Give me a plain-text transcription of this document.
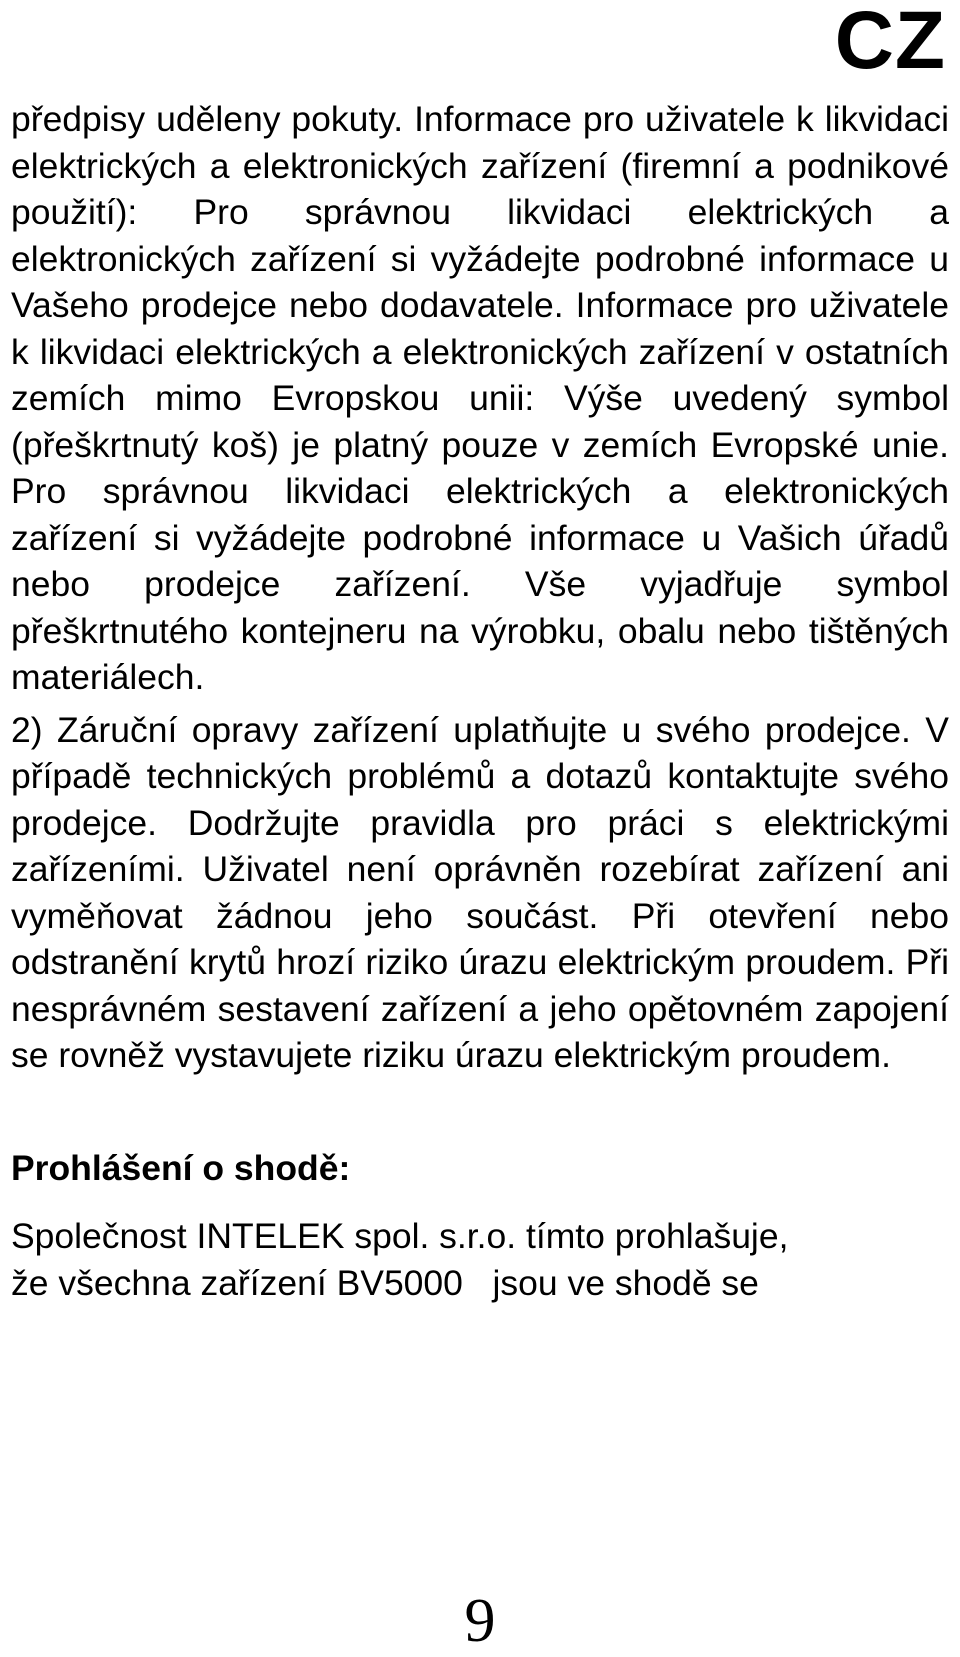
CZ

předpisy uděleny pokuty. Informace pro uživatele k likvidaci elektrických a elektronických zařízení (firemní a podnikové použití): Pro správnou likvidaci elektrických a elektronických zařízení si vyžádejte podrobné informace u Vašeho prodejce nebo dodavatele. Informace pro uživatele k likvidaci elektrických a elektronických zařízení v ostatních zemích mimo Evropskou unii: Výše uvedený symbol (přeškrtnutý koš) je platný pouze v zemích Evropské unie. Pro správnou likvidaci elektrických a elektronických zařízení si vyžádejte podrobné informace u Vašich úřadů nebo prodejce zařízení. Vše vyjadřuje symbol přeškrtnutého kontejneru na výrobku, obalu nebo tištěných materiálech.

2) Záruční opravy zařízení uplatňujte u svého prodejce. V případě technických problémů a dotazů kontaktujte svého prodejce. Dodržujte pravidla pro práci s elektrickými zařízeními. Uživatel není oprávněn rozebírat zařízení ani vyměňovat žádnou jeho součást. Při otevření nebo odstranění krytů hrozí riziko úrazu elektrickým proudem. Při nesprávném sestavení zařízení a jeho opětovném zapojení se rovněž vystavujete riziku úrazu elektrickým proudem.

Prohlášení o shodě:
Společnost INTELEK spol. s.r.o. tímto prohlašuje,
že všechna zařízení BV5000   jsou ve shodě se
9
